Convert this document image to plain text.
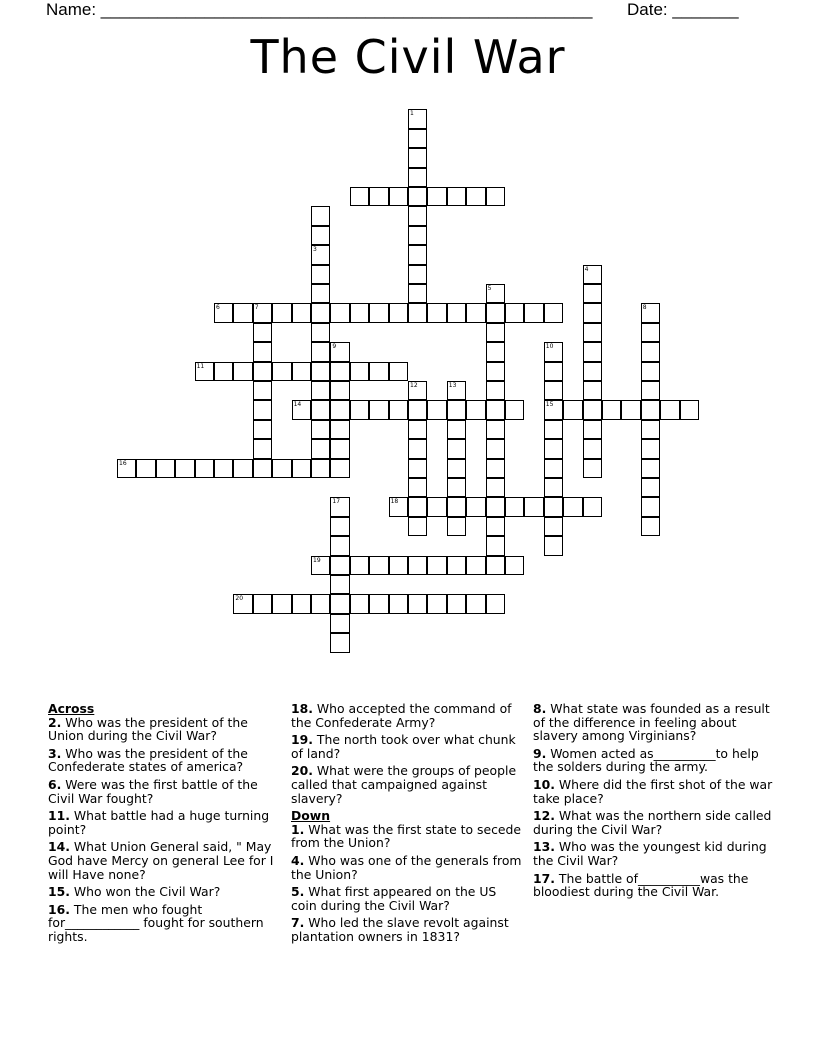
Name: ____________________________________________________ Date: _______
The Civil War
1
3
4
5
6	7	8
9	10
15
11
12	13
14
16
17	18
19
20
Across
2. Who was the president of the Union during the Civil War?
3. Who was the president of the Confederate states of america?
6. Were was the first battle of the Civil War fought?
11. What battle had a huge turning point?
14. What Union General said, " May God have Mercy on general Lee for I will Have none?
15. Who won the Civil War?
16. The men who fought for____________ fought for southern rights.
18. Who accepted the command of the Confederate Army?
19. The north took over what chunk of land?
20. What were the groups of people called that campaigned against slavery?
Down
1. What was the first state to secede from the Union?
4. Who was one of the generals from the Union?
5. What first appeared on the US coin during the Civil War?
7. Who led the slave revolt against plantation owners in 1831?
8. What state was founded as a result of the difference in feeling about slavery among Virginians?
9. Women acted as__________to help the solders during the army.
10. Where did the first shot of the war take place?
12. What was the northern side called during the Civil War?
13. Who was the youngest kid during the Civil War?
17. The battle of__________was the bloodiest during the Civil War.
